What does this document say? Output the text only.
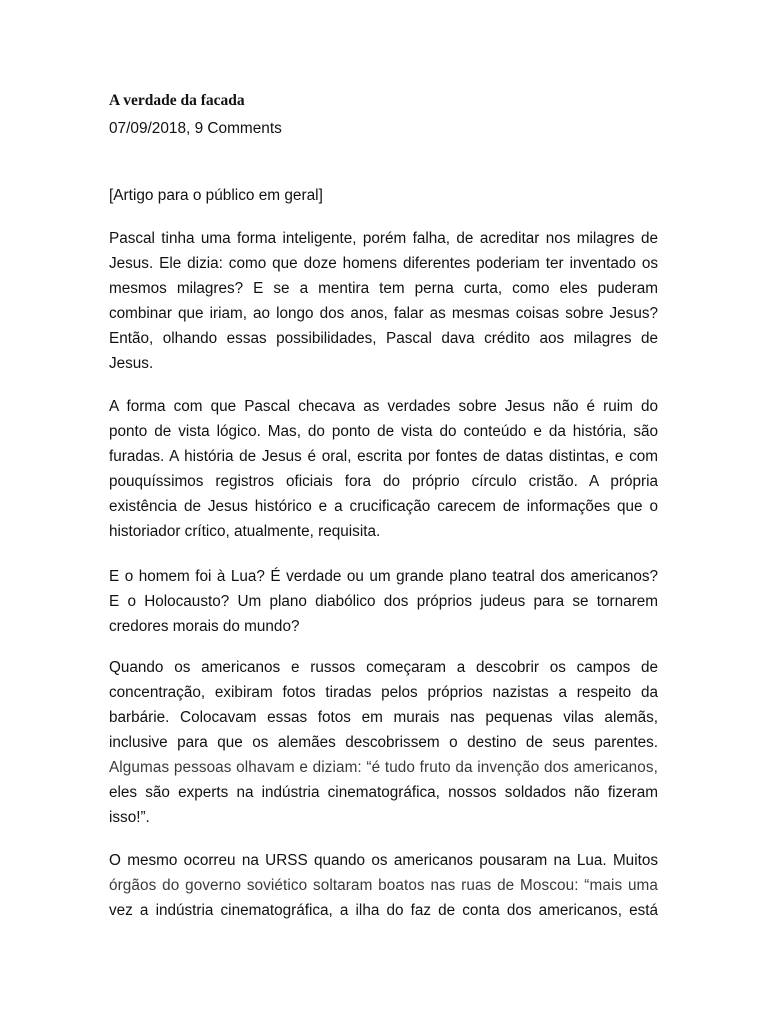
A verdade da facada
07/09/2018, 9 Comments

[Artigo para o público em geral]

Pascal tinha uma forma inteligente, porém falha, de acreditar nos milagres de
Jesus. Ele dizia: como que doze homens diferentes poderiam ter inventado os
mesmos milagres? E se a mentira tem perna curta, como eles puderam
combinar que iriam, ao longo dos anos, falar as mesmas coisas sobre Jesus?
Então, olhando essas possibilidades, Pascal dava crédito aos milagres de
Jesus.
A forma com que Pascal checava as verdades sobre Jesus não é ruim do
ponto de vista lógico. Mas, do ponto de vista do conteúdo e da história, são
furadas. A história de Jesus é oral, escrita por fontes de datas distintas, e com
pouquíssimos registros oficiais fora do próprio círculo cristão. A própria
existência de Jesus histórico e a crucificação carecem de informações que o
historiador crítico, atualmente, requisita.
E o homem foi à Lua? É verdade ou um grande plano teatral dos americanos?
E o Holocausto? Um plano diabólico dos próprios judeus para se tornarem
credores morais do mundo?
Quando os americanos e russos começaram a descobrir os campos de
concentração, exibiram fotos tiradas pelos próprios nazistas a respeito da
barbárie. Colocavam essas fotos em murais nas pequenas vilas alemãs,
inclusive para que os alemães descobrissem o destino de seus parentes.
Algumas pessoas olhavam e diziam: “é tudo fruto da invenção dos americanos,
eles são experts na indústria cinematográfica, nossos soldados não fizeram
isso!”.
O mesmo ocorreu na URSS quando os americanos pousaram na Lua. Muitos
órgãos do governo soviético soltaram boatos nas ruas de Moscou: “mais uma
vez a indústria cinematográfica, a ilha do faz de conta dos americanos, está
